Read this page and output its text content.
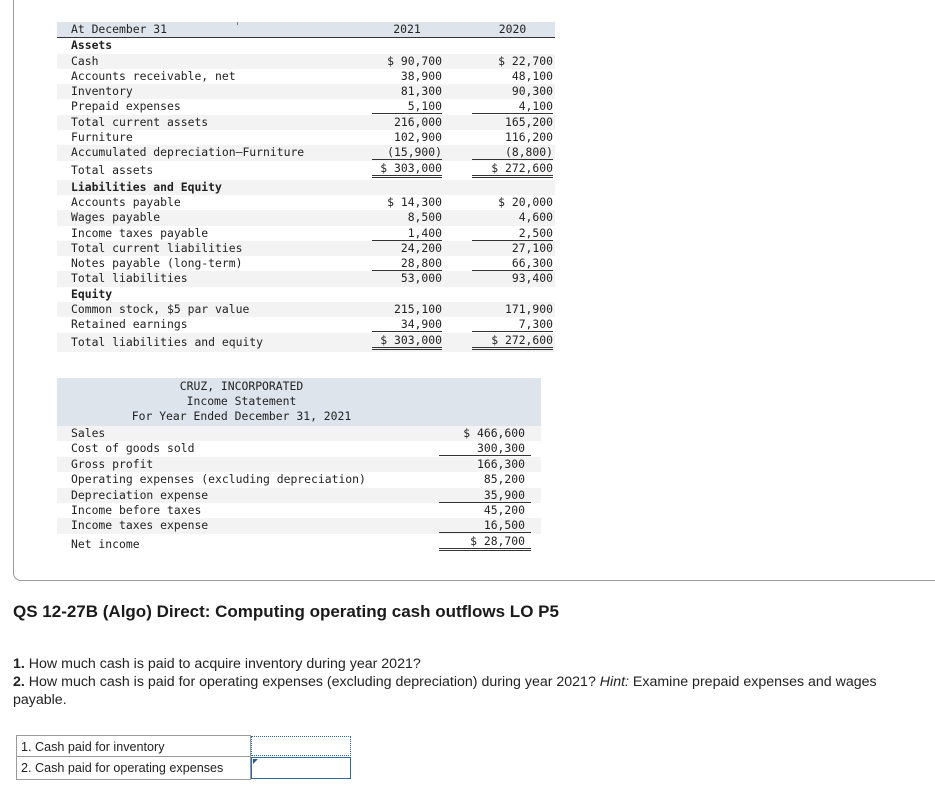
At December 31	2021	2020
Assets
Cash	$ 90,700	$ 22,700
Accounts receivable, net	38,900	48,100
Inventory	81,300	90,300
Prepaid expenses	5,100	4,100
Total current assets	216,000	165,200
Furniture	102,900	116,200
Accumulated depreciation—Furniture	(15,900)	(8,800)
Total assets	$ 303,000	$ 272,600
Liabilities and Equity
Accounts payable	$ 14,300	$ 20,000
Wages payable	8,500	4,600
Income taxes payable	1,400	2,500
Total current liabilities	24,200	27,100
Notes payable (long-term)	28,800	66,300
Total liabilities	53,000	93,400
Equity
Common stock, $5 par value	215,100	171,900
Retained earnings	34,900	7,300
Total liabilities and equity	$ 303,000	$ 272,600
CRUZ, INCORPORATED
Income Statement
For Year Ended December 31, 2021
Sales	$ 466,600
Cost of goods sold	300,300
Gross profit	166,300
Operating expenses (excluding depreciation)	85,200
Depreciation expense	35,900
Income before taxes	45,200
Income taxes expense	16,500
Net income	$ 28,700
QS 12-27B (Algo) Direct: Computing operating cash outflows LO P5
1. How much cash is paid to acquire inventory during year 2021?
2. How much cash is paid for operating expenses (excluding depreciation) during year 2021? Hint: Examine prepaid expenses and wages payable.
1. Cash paid for inventory
2. Cash paid for operating expenses
